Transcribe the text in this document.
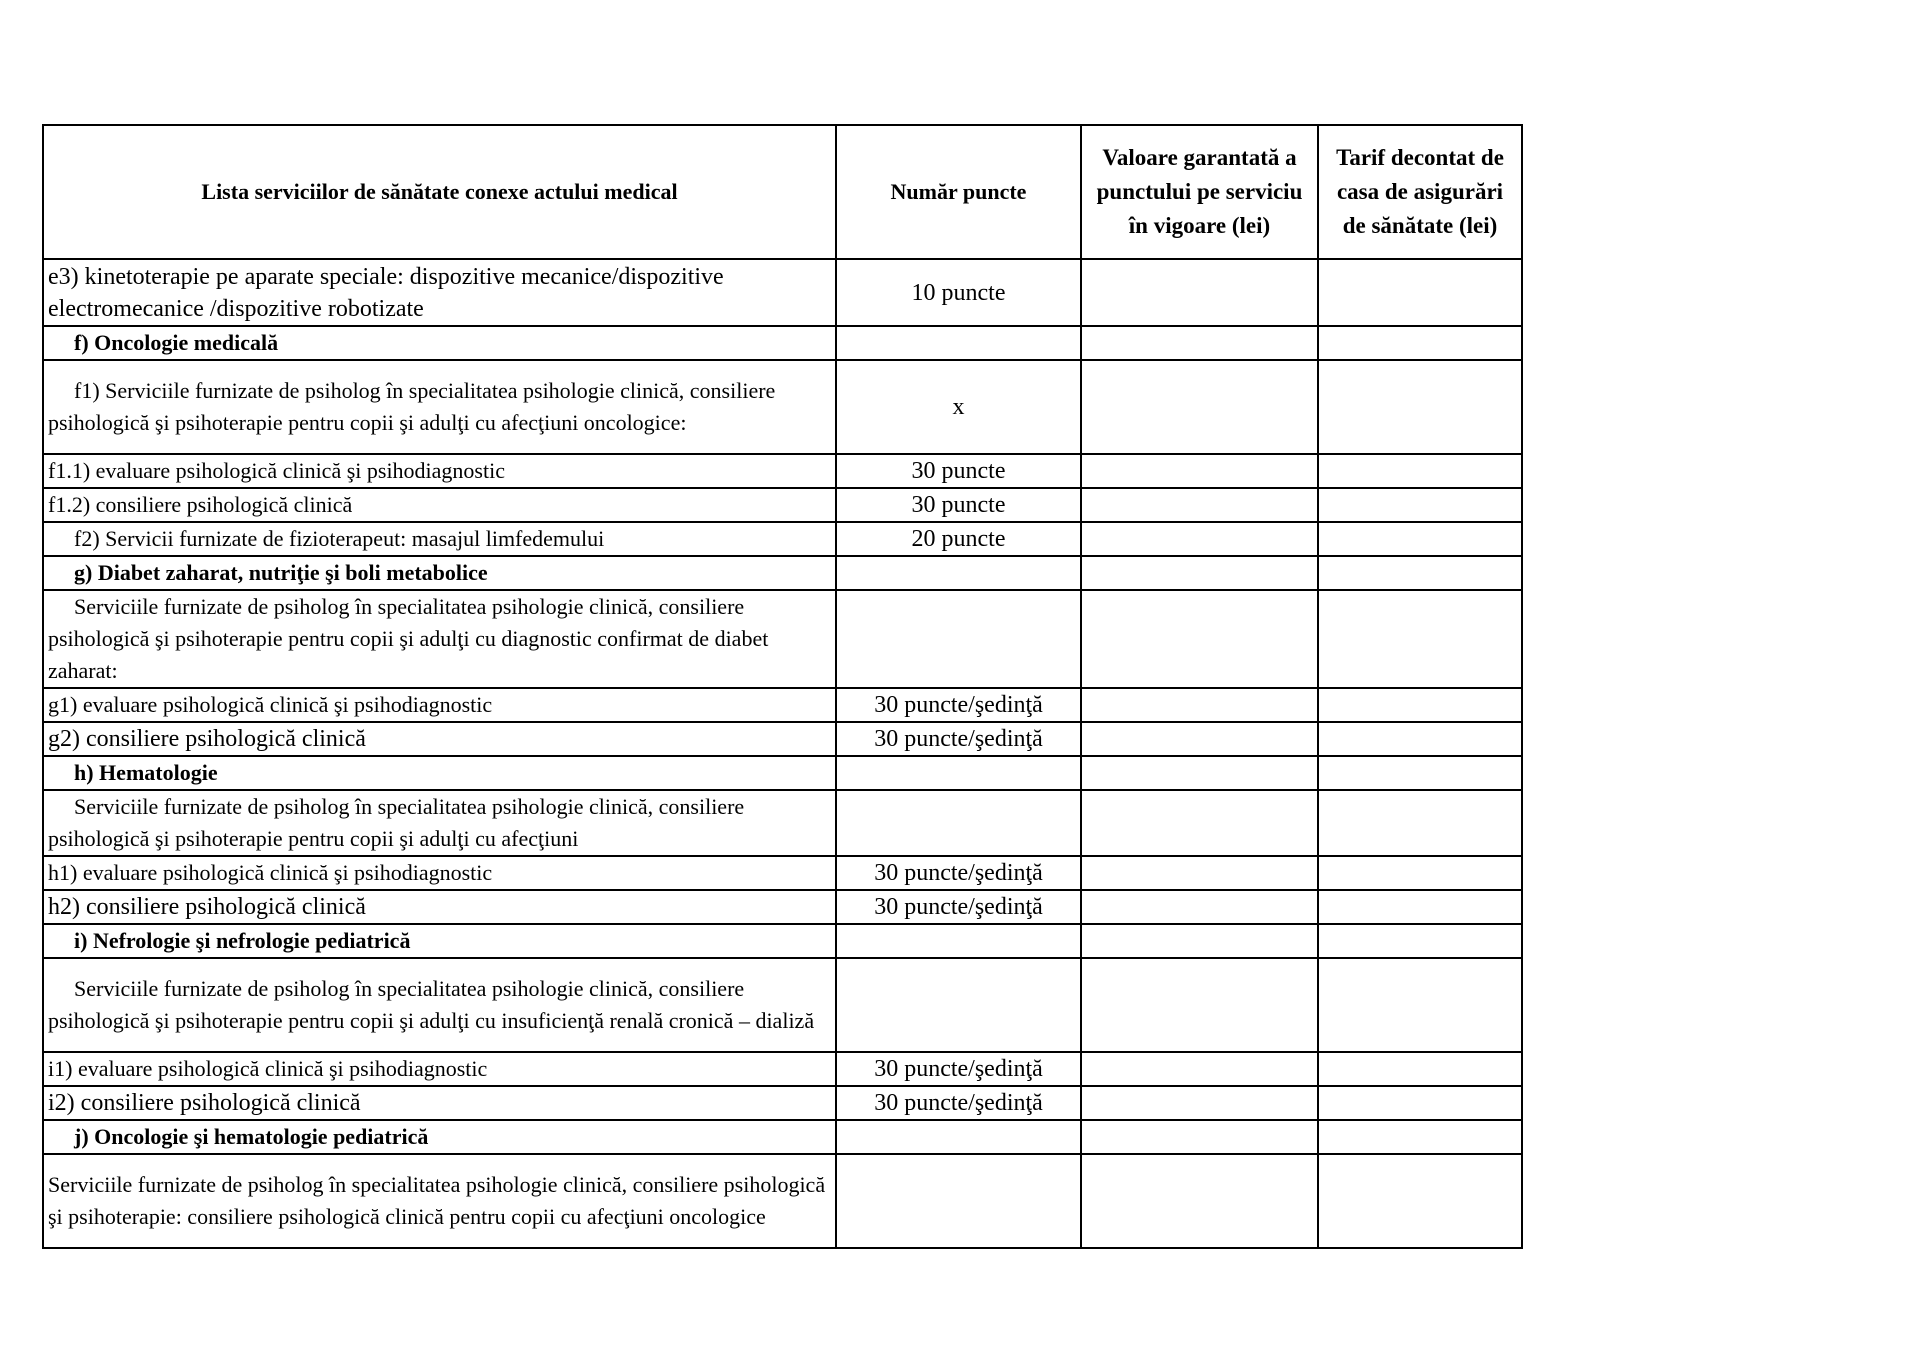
Lista serviciilor de sănătate conexe actului medical	Număr puncte	Valoare garantată a punctului pe serviciu în vigoare (lei)	Tarif decontat de casa de asigurări de sănătate (lei)
e3) kinetoterapie pe aparate speciale: dispozitive mecanice/dispozitive electromecanice /dispozitive robotizate	10 puncte		
f) Oncologie medicală			
f1) Serviciile furnizate de psiholog în specialitatea psihologie clinică, consiliere psihologică şi psihoterapie pentru copii şi adulţi cu afecţiuni oncologice:	x		
f1.1) evaluare psihologică clinică şi psihodiagnostic	30 puncte		
f1.2) consiliere psihologică clinică	30 puncte		
f2) Servicii furnizate de fizioterapeut: masajul limfedemului	20 puncte		
g) Diabet zaharat, nutriţie şi boli metabolice			
Serviciile furnizate de psiholog în specialitatea psihologie clinică, consiliere psihologică şi psihoterapie pentru copii şi adulţi cu diagnostic confirmat de diabet zaharat:			
g1) evaluare psihologică clinică şi psihodiagnostic	30 puncte/şedinţă		
g2) consiliere psihologică clinică	30 puncte/şedinţă		
h) Hematologie			
Serviciile furnizate de psiholog în specialitatea psihologie clinică, consiliere psihologică şi psihoterapie pentru copii şi adulţi cu afecţiuni			
h1) evaluare psihologică clinică şi psihodiagnostic	30 puncte/şedinţă		
h2) consiliere psihologică clinică	30 puncte/şedinţă		
i) Nefrologie şi nefrologie pediatrică			
Serviciile furnizate de psiholog în specialitatea psihologie clinică, consiliere psihologică şi psihoterapie pentru copii şi adulţi cu insuficienţă renală cronică – dializă			
i1) evaluare psihologică clinică şi psihodiagnostic	30 puncte/şedinţă		
i2) consiliere psihologică clinică	30 puncte/şedinţă		
j) Oncologie şi hematologie pediatrică			
Serviciile furnizate de psiholog în specialitatea psihologie clinică, consiliere psihologică şi psihoterapie: consiliere psihologică clinică pentru copii cu afecţiuni oncologice			
